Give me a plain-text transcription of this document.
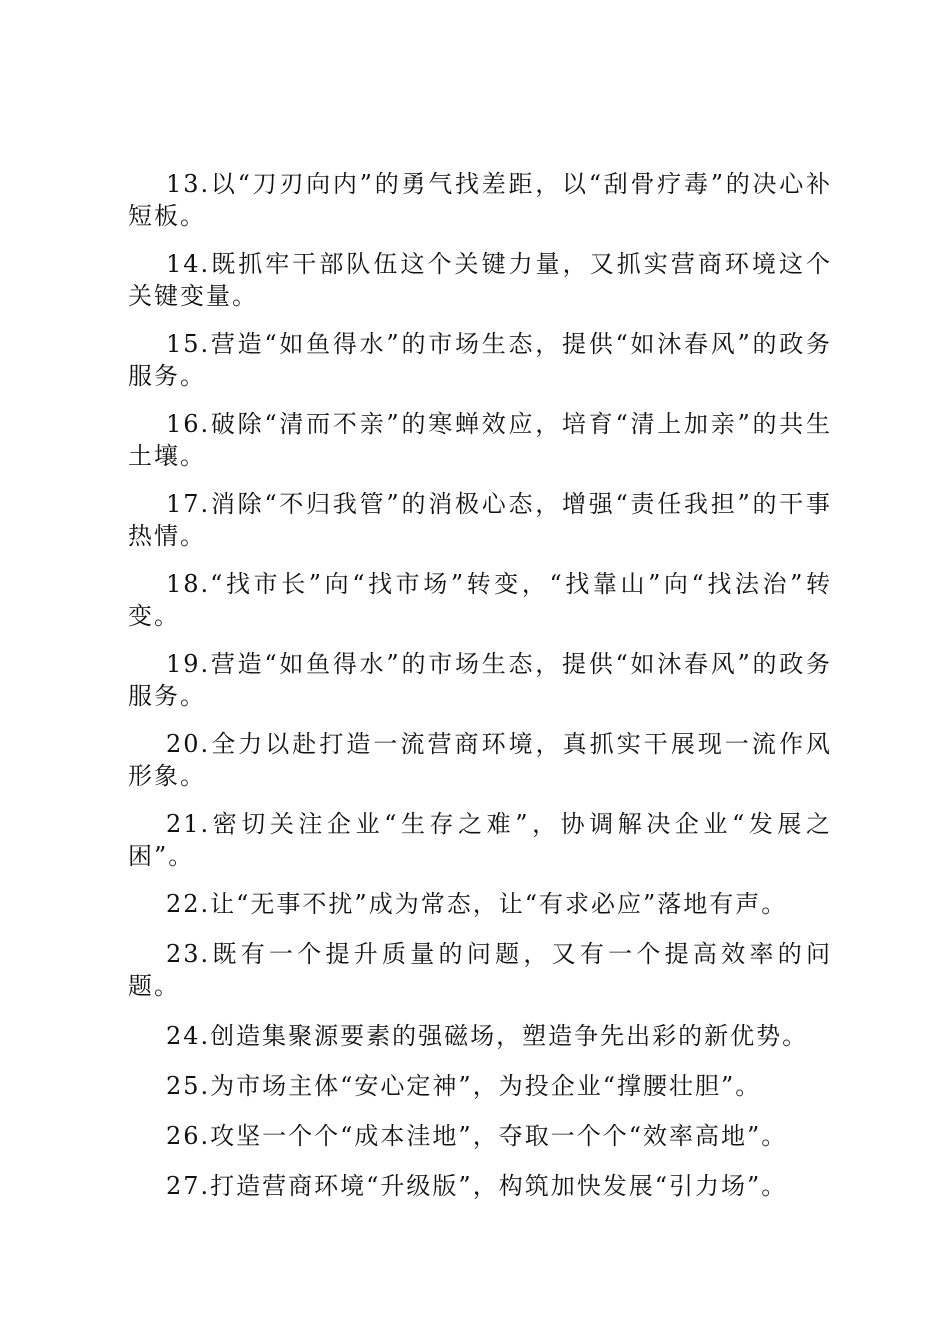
13.以“刀刃向内”的勇气找差距，以“刮骨疗毒”的决心补短板。

14.既抓牢干部队伍这个关键力量，又抓实营商环境这个关键变量。

15.营造“如鱼得水”的市场生态，提供“如沐春风”的政务服务。

16.破除“清而不亲”的寒蝉效应，培育“清上加亲”的共生土壤。

17.消除“不归我管”的消极心态，增强“责任我担”的干事热情。

18.“找市长”向“找市场”转变，“找靠山”向“找法治”转变。

19.营造“如鱼得水”的市场生态，提供“如沐春风”的政务服务。

20.全力以赴打造一流营商环境，真抓实干展现一流作风形象。

21.密切关注企业“生存之难”，协调解决企业“发展之困”。

22.让“无事不扰”成为常态，让“有求必应”落地有声。

23.既有一个提升质量的问题，又有一个提高效率的问题。

24.创造集聚源要素的强磁场，塑造争先出彩的新优势。

25.为市场主体“安心定神”，为投企业“撑腰壮胆”。

26.攻坚一个个“成本洼地”，夺取一个个“效率高地”。

27.打造营商环境“升级版”，构筑加快发展“引力场”。
